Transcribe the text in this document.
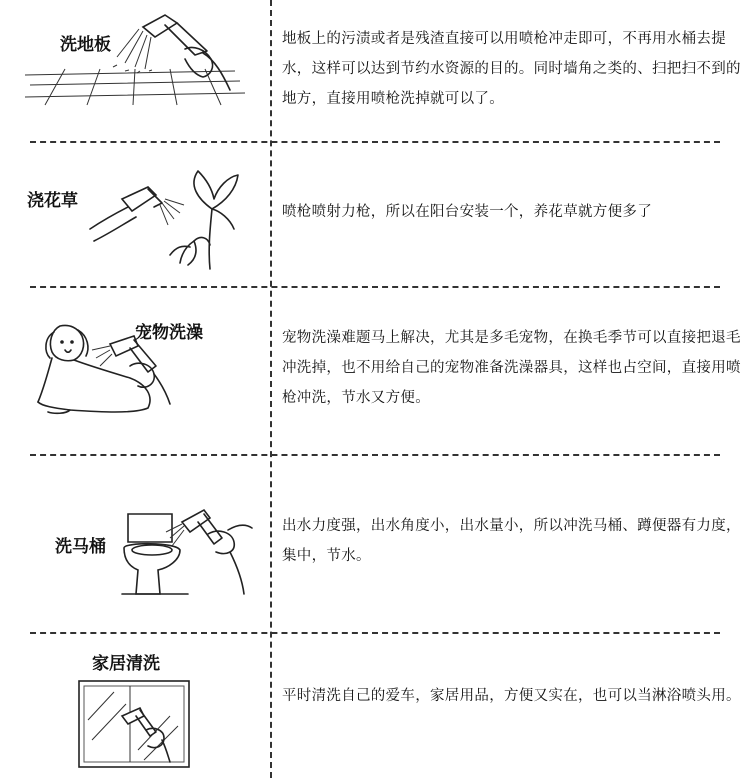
洗地板	地板上的污渍或者是残渣直接可以用喷枪冲走即可，不再用水桶去提水，这样可以达到节约水资源的目的。同时墙角之类的、扫把扫不到的地方，直接用喷枪洗掉就可以了。
浇花草
喷枪喷射力枪，所以在阳台安装一个，养花草就方便多了
宠物洗澡	宠物洗澡难题马上解决，尤其是多毛宠物，在换毛季节可以直接把退毛冲洗掉，也不用给自己的宠物准备洗澡器具，这样也占空间，直接用喷枪冲洗，节水又方便。
洗马桶
出水力度强，出水角度小，出水量小，所以冲洗马桶、蹲便器有力度，集中，节水。
家居清洗
平时清洗自己的爱车，家居用品，方便又实在，也可以当淋浴喷头用。
